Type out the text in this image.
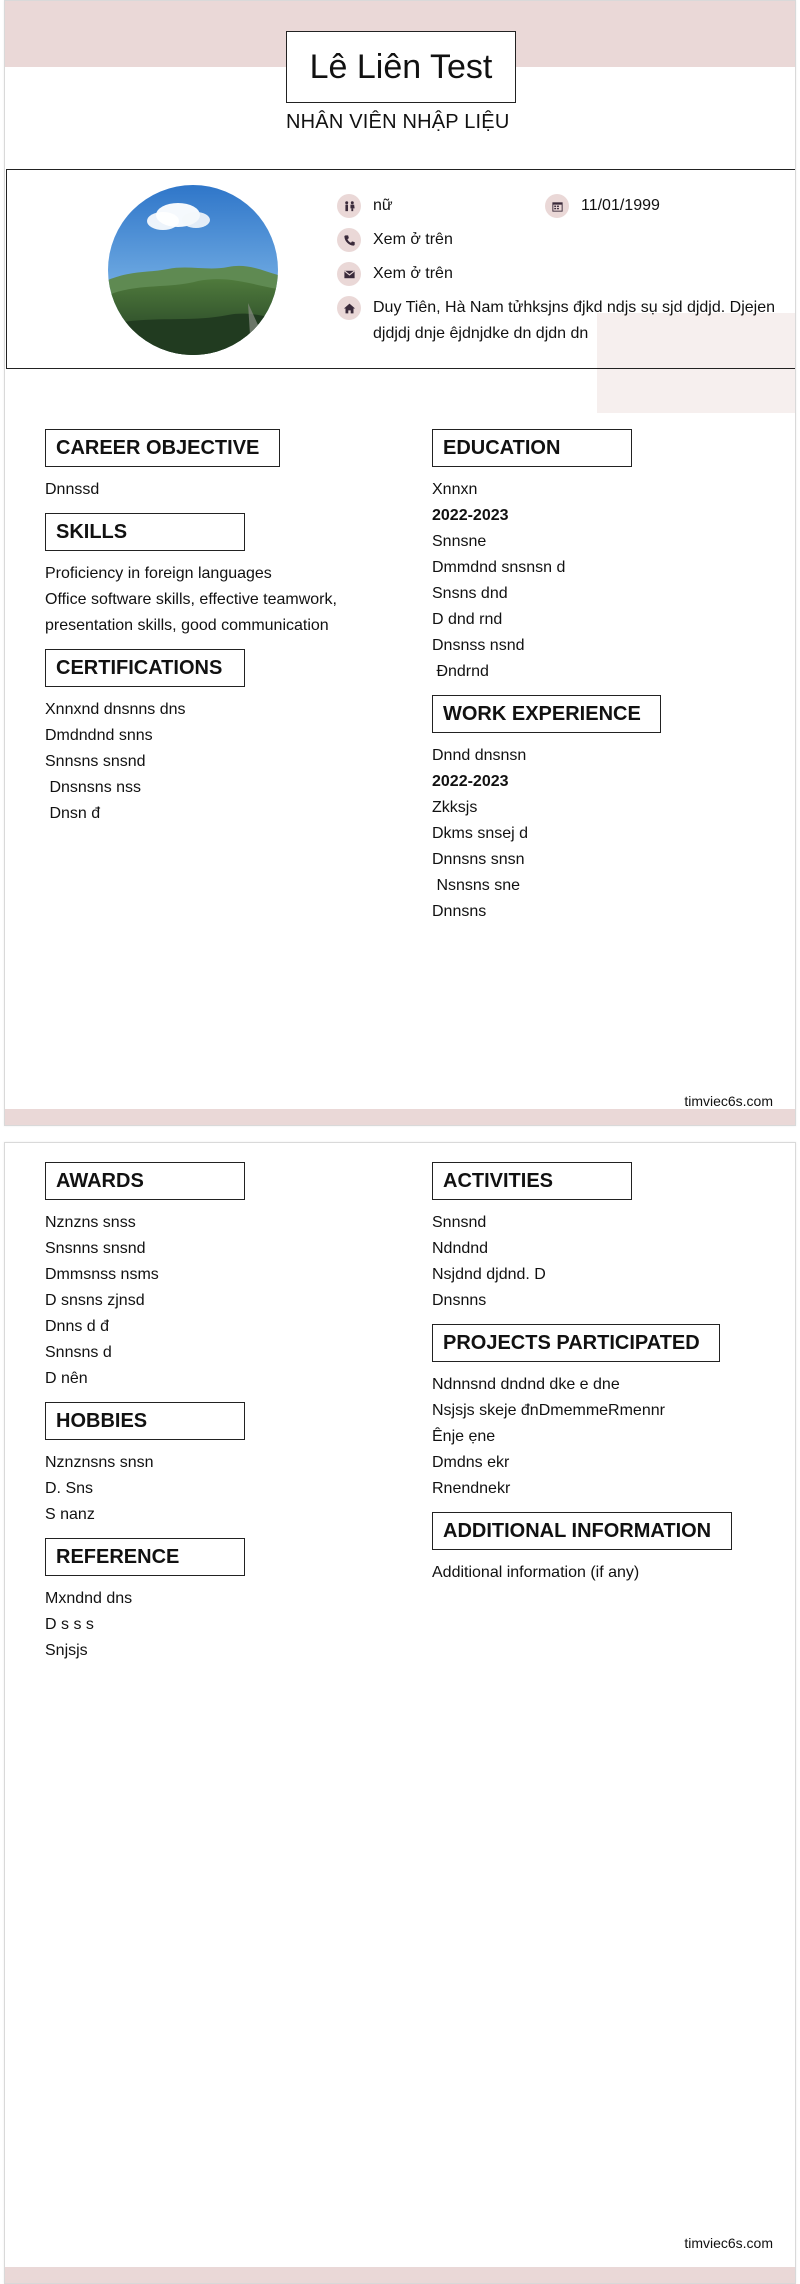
Lê Liên Test
NHÂN VIÊN NHẬP LIỆU
nữ	11/01/1999
Xem ở trên
Xem ở trên
Duy Tiên, Hà Nam tửhksjns đjkd ndjs sụ sjd djdjd. Djejen djdjdj dnje êjdnjdke dn djdn dn
CAREER OBJECTIVE
Dnnssd
SKILLS
Proficiency in foreign languages
Office software skills, effective teamwork, presentation skills, good communication
CERTIFICATIONS
Xnnxnd dnsnns dns
Dmdndnd snns
Snnsns snsnd
Dnsnsns nss
Dnsn đ
EDUCATION
Xnnxn
2022-2023
Snnsne
Dmmdnd snsnsn d
Snsns dnd
D dnd rnd
Dnsnss nsnd
Đndrnd
WORK EXPERIENCE
Dnnd dnsnsn
2022-2023
Zkksjs
Dkms snsej d
Dnnsns snsn
Nsnsns sne
Dnnsns
timviec6s.com
AWARDS
Nznzns snss
Snsnns snsnd
Dmmsnss nsms
D snsns zjnsd
Dnns d đ
Snnsns d
D nên
HOBBIES
Nznznsns snsn
D. Sns
S nanz
REFERENCE
Mxndnd dns
D s s s
Snjsjs
ACTIVITIES
Snnsnd
Ndndnd
Nsjdnd djdnd. D
Dnsnns
PROJECTS PARTICIPATED
Ndnnsnd dndnd dke e dne
Nsjsjs skeje đnDmemmeRmennr
Ênje ẹne
Dmdns ekr
Rnendnekr
ADDITIONAL INFORMATION
Additional information (if any)
timviec6s.com
